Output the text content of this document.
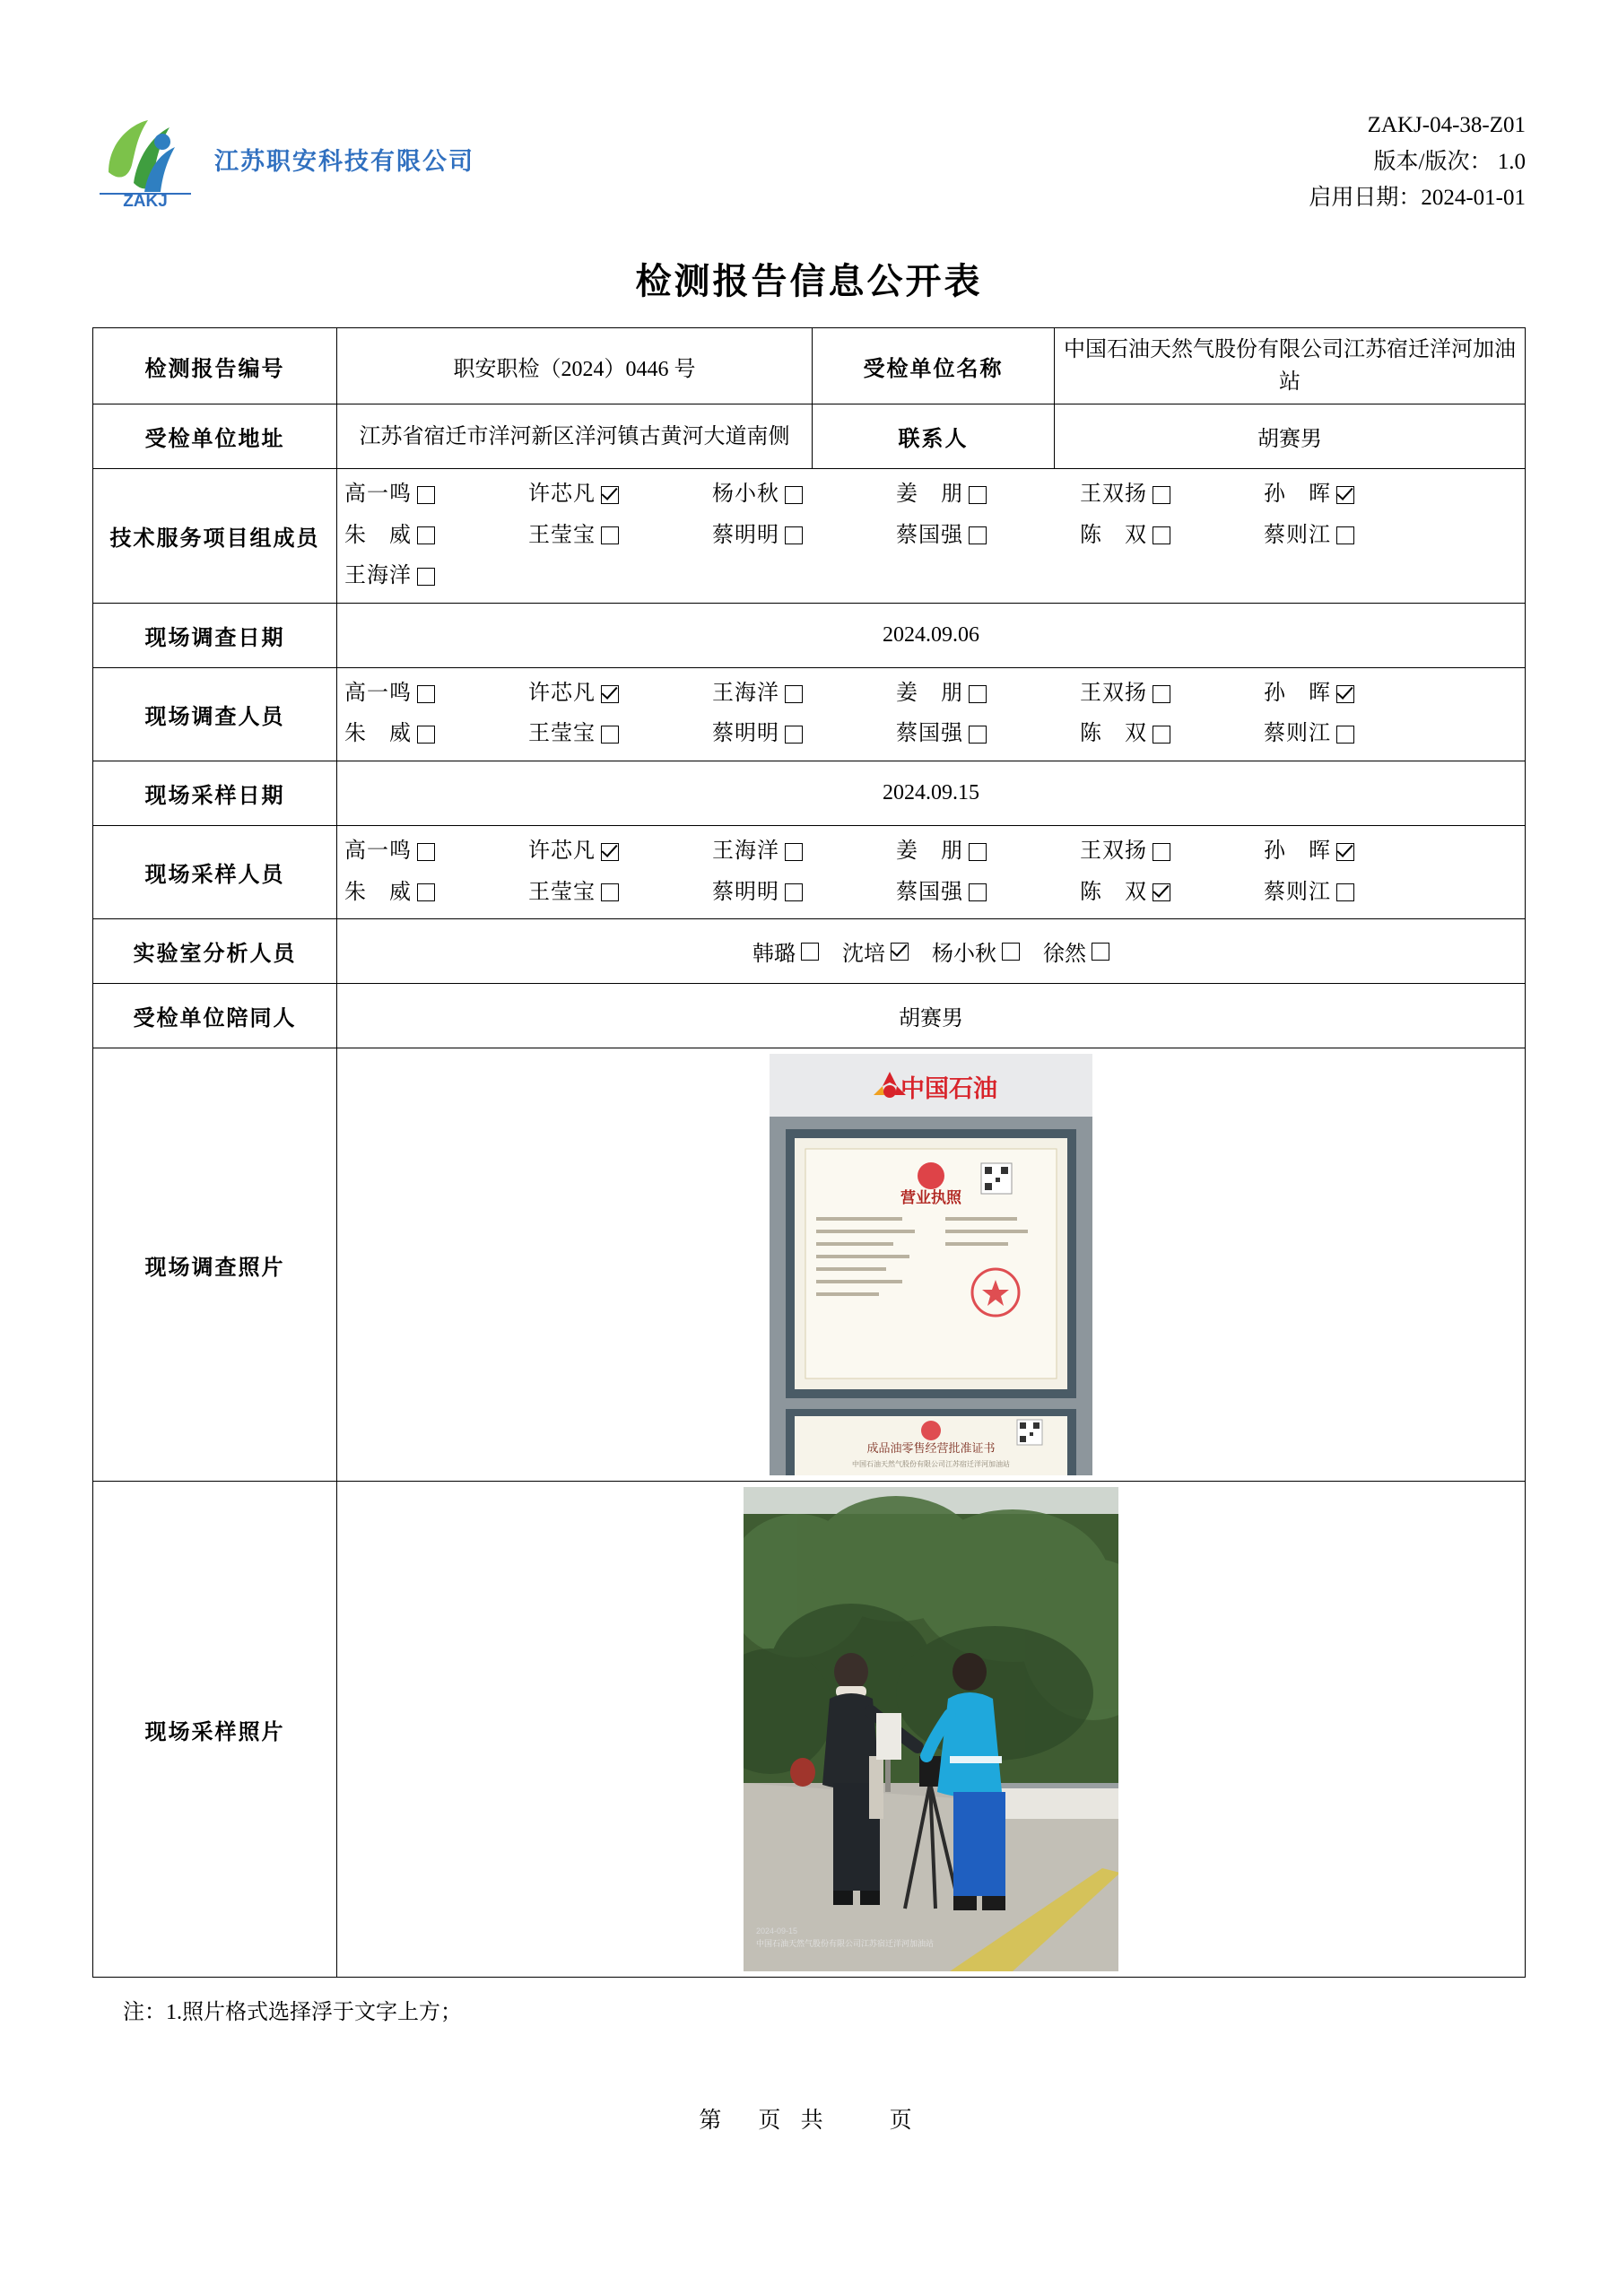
ZAKJ
江苏职安科技有限公司
ZAKJ-04-38-Z01
版本/版次： 1.0
启用日期：2024-01-01
检测报告信息公开表
检测报告编号	职安职检（2024）0446 号	受检单位名称	中国石油天然气股份有限公司江苏宿迁洋河加油站
受检单位地址	江苏省宿迁市洋河新区洋河镇古黄河大道南侧	联系人	胡赛男
技术服务项目组成员	
高一鸣	许芯凡	杨小秋	姜　朋	王双扬	孙　晖
朱　威	王莹宝	蔡明明	蔡国强	陈　双	蔡则江
王海洋

现场调查日期	2024.09.06		
现场调查人员	
高一鸣	许芯凡	王海洋	姜　朋	王双扬	孙　晖
朱　威	王莹宝	蔡明明	蔡国强	陈　双	蔡则江

现场采样日期	2024.09.15		
现场采样人员	
高一鸣	许芯凡	王海洋	姜　朋	王双扬	孙　晖
朱　威	王莹宝	蔡明明	蔡国强	陈　双	蔡则江

实验室分析人员	韩璐 沈培 杨小秋 徐然		

受检单位陪同人	胡赛男		
现场调查照片	中国石油
营业执照
成品油零售经营批准证书
中国石油天然气股份有限公司江苏宿迁洋河加油站		

现场采样照片	2024-09-15
中国石油天然气股份有限公司江苏宿迁洋河加油站		
注：1.照片格式选择浮于文字上方；
第　页 共　　页
